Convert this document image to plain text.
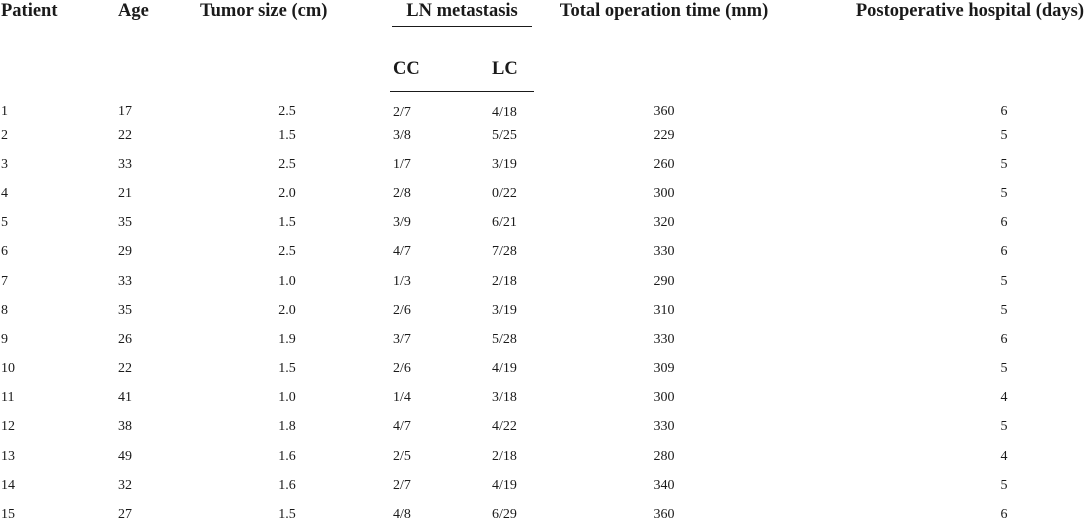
Patient	Age	Tumor size (cm)	LN metastasis		Total operation time (mm)	Postoperative hospital (days)
			CC	LC		
1	17	2.5	2/7	4/18	360	6
2	22	1.5	3/8	5/25	229	5
3	33	2.5	1/7	3/19	260	5
4	21	2.0	2/8	0/22	300	5
5	35	1.5	3/9	6/21	320	6
6	29	2.5	4/7	7/28	330	6
7	33	1.0	1/3	2/18	290	5
8	35	2.0	2/6	3/19	310	5
9	26	1.9	3/7	5/28	330	6
10	22	1.5	2/6	4/19	309	5
11	41	1.0	1/4	3/18	300	4
12	38	1.8	4/7	4/22	330	5
13	49	1.6	2/5	2/18	280	4
14	32	1.6	2/7	4/19	340	5
15	27	1.5	4/8	6/29	360	6
